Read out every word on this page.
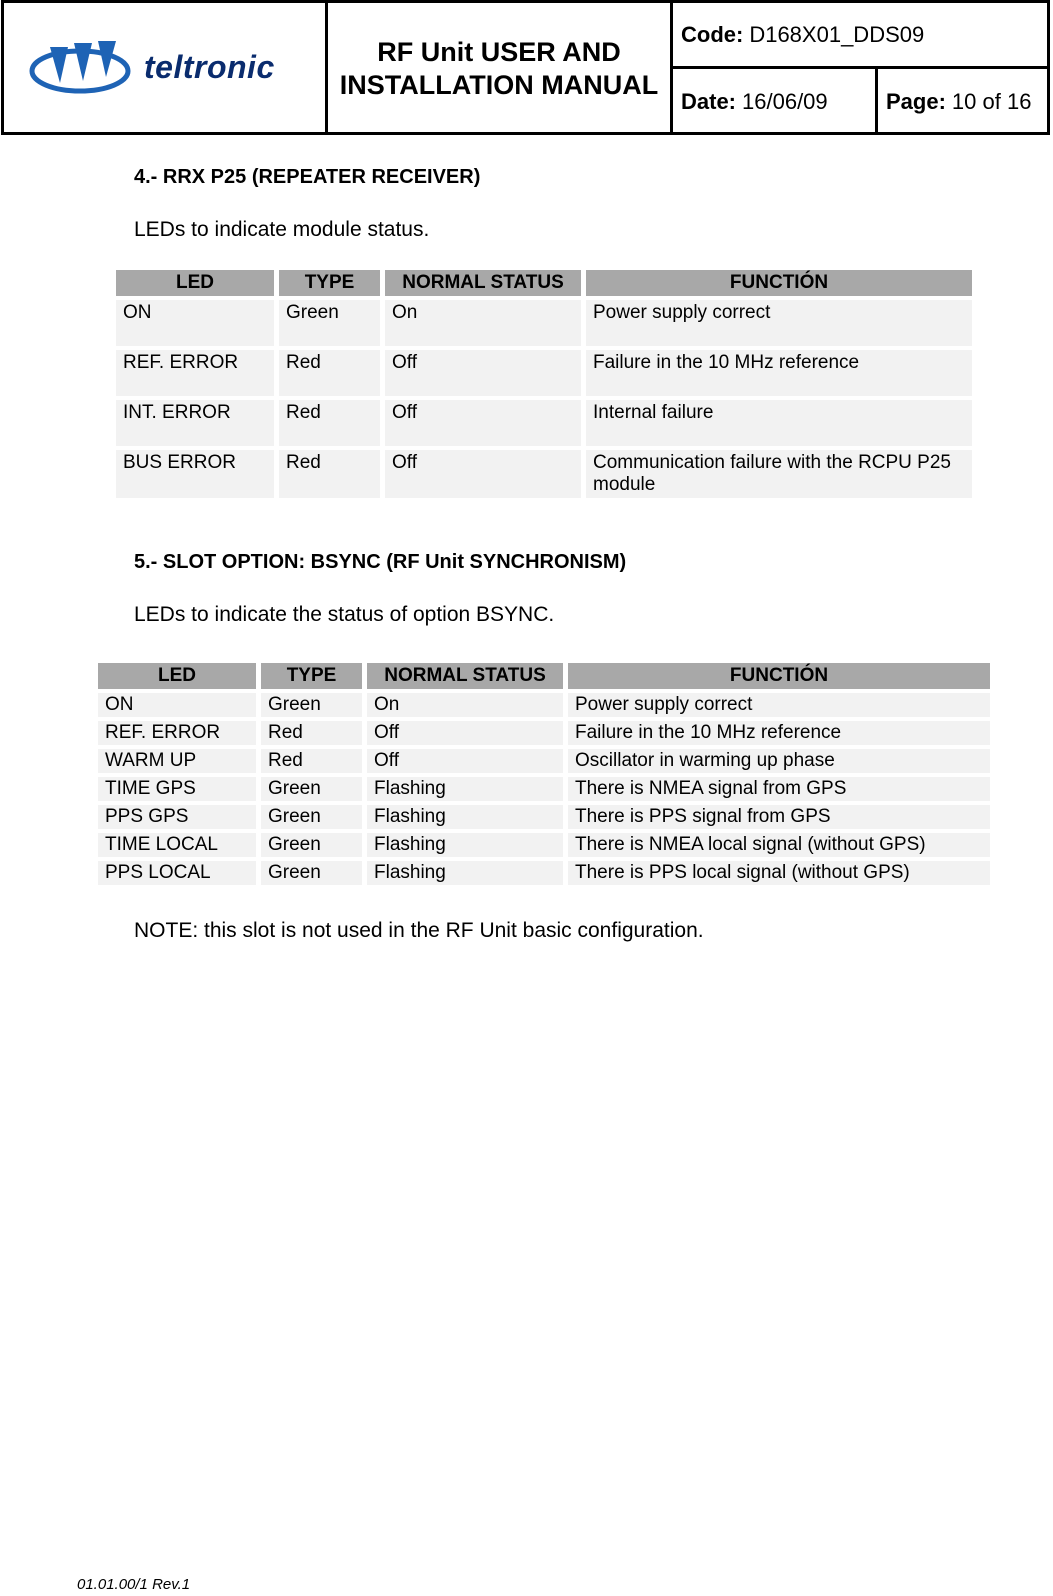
teltronic	RF Unit USER AND INSTALLATION MANUAL
Code: D168X01_DDS09
Date: 16/06/09	Page: 10 of 16
4.- RRX P25 (REPEATER RECEIVER)
LEDs to indicate module status.
LED	TYPE	NORMAL STATUS	FUNCTIÓN
ON	Green	On	Power supply correct
REF. ERROR	Red	Off	Failure in the 10 MHz reference
INT. ERROR	Red	Off	Internal failure
BUS ERROR	Red	Off	Communication failure with the RCPU P25 module
5.- SLOT OPTION: BSYNC (RF Unit SYNCHRONISM)
LEDs to indicate the status of option BSYNC.
LED	TYPE	NORMAL STATUS	FUNCTIÓN
ON	Green	On	Power supply correct
REF. ERROR	Red	Off	Failure in the 10 MHz reference
WARM UP	Red	Off	Oscillator in warming up phase
TIME GPS	Green	Flashing	There is NMEA signal from GPS
PPS GPS	Green	Flashing	There is PPS signal from GPS
TIME LOCAL	Green	Flashing	There is NMEA local signal (without GPS)
PPS LOCAL	Green	Flashing	There is PPS local signal (without GPS)
NOTE: this slot is not used in the RF Unit basic configuration.
01.01.00/1 Rev.1
